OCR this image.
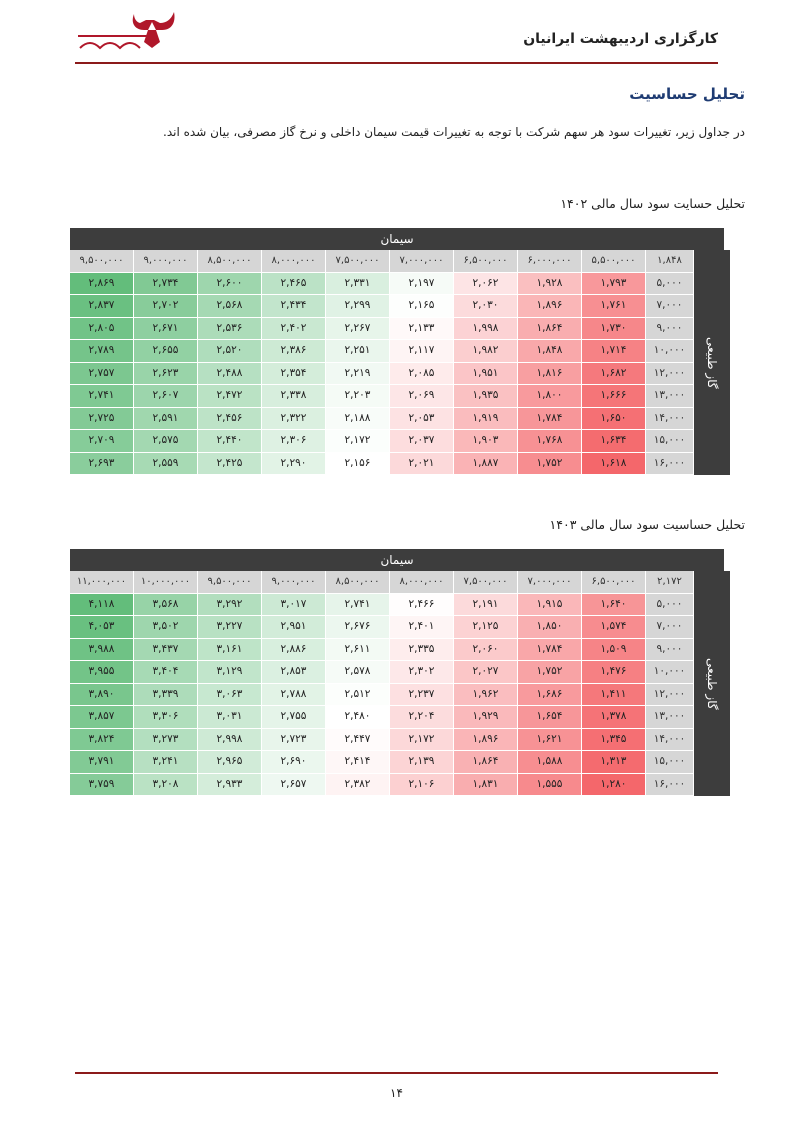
کارگزاری اردیبهشت ایرانیان
تحلیل حساسیت
در جداول زیر، تغییرات سود هر سهم شرکت با توجه به تغییرات قیمت سیمان داخلی و نرخ گاز مصرفی، بیان شده اند.
تحلیل حسایت سود سال مالی ۱۴۰۲
سیمان
۹,۵۰۰,۰۰۰	۹,۰۰۰,۰۰۰	۸,۵۰۰,۰۰۰	۸,۰۰۰,۰۰۰	۷,۵۰۰,۰۰۰	۷,۰۰۰,۰۰۰	۶,۵۰۰,۰۰۰	۶,۰۰۰,۰۰۰	۵,۵۰۰,۰۰۰	۱,۸۴۸
۲,۸۶۹	۲,۷۳۴	۲,۶۰۰	۲,۴۶۵	۲,۳۳۱	۲,۱۹۷	۲,۰۶۲	۱,۹۲۸	۱,۷۹۳	۵,۰۰۰
۲,۸۳۷	۲,۷۰۲	۲,۵۶۸	۲,۴۳۴	۲,۲۹۹	۲,۱۶۵	۲,۰۳۰	۱,۸۹۶	۱,۷۶۱	۷,۰۰۰
۲,۸۰۵	۲,۶۷۱	۲,۵۳۶	۲,۴۰۲	۲,۲۶۷	۲,۱۳۳	۱,۹۹۸	۱,۸۶۴	۱,۷۳۰	۹,۰۰۰
۲,۷۸۹	۲,۶۵۵	۲,۵۲۰	۲,۳۸۶	۲,۲۵۱	۲,۱۱۷	۱,۹۸۲	۱,۸۴۸	۱,۷۱۴	۱۰,۰۰۰
۲,۷۵۷	۲,۶۲۳	۲,۴۸۸	۲,۳۵۴	۲,۲۱۹	۲,۰۸۵	۱,۹۵۱	۱,۸۱۶	۱,۶۸۲	۱۲,۰۰۰
۲,۷۴۱	۲,۶۰۷	۲,۴۷۲	۲,۳۳۸	۲,۲۰۳	۲,۰۶۹	۱,۹۳۵	۱,۸۰۰	۱,۶۶۶	۱۳,۰۰۰
۲,۷۲۵	۲,۵۹۱	۲,۴۵۶	۲,۳۲۲	۲,۱۸۸	۲,۰۵۳	۱,۹۱۹	۱,۷۸۴	۱,۶۵۰	۱۴,۰۰۰
۲,۷۰۹	۲,۵۷۵	۲,۴۴۰	۲,۳۰۶	۲,۱۷۲	۲,۰۳۷	۱,۹۰۳	۱,۷۶۸	۱,۶۳۴	۱۵,۰۰۰
۲,۶۹۳	۲,۵۵۹	۲,۴۲۵	۲,۲۹۰	۲,۱۵۶	۲,۰۲۱	۱,۸۸۷	۱,۷۵۲	۱,۶۱۸	۱۶,۰۰۰
گاز طبیعی
تحلیل حساسیت سود سال مالی ۱۴۰۳
سیمان
۱۱,۰۰۰,۰۰۰	۱۰,۰۰۰,۰۰۰	۹,۵۰۰,۰۰۰	۹,۰۰۰,۰۰۰	۸,۵۰۰,۰۰۰	۸,۰۰۰,۰۰۰	۷,۵۰۰,۰۰۰	۷,۰۰۰,۰۰۰	۶,۵۰۰,۰۰۰	۲,۱۷۲
۴,۱۱۸	۳,۵۶۸	۳,۲۹۲	۳,۰۱۷	۲,۷۴۱	۲,۴۶۶	۲,۱۹۱	۱,۹۱۵	۱,۶۴۰	۵,۰۰۰
۴,۰۵۳	۳,۵۰۲	۳,۲۲۷	۲,۹۵۱	۲,۶۷۶	۲,۴۰۱	۲,۱۲۵	۱,۸۵۰	۱,۵۷۴	۷,۰۰۰
۳,۹۸۸	۳,۴۳۷	۳,۱۶۱	۲,۸۸۶	۲,۶۱۱	۲,۳۳۵	۲,۰۶۰	۱,۷۸۴	۱,۵۰۹	۹,۰۰۰
۳,۹۵۵	۳,۴۰۴	۳,۱۲۹	۲,۸۵۳	۲,۵۷۸	۲,۳۰۲	۲,۰۲۷	۱,۷۵۲	۱,۴۷۶	۱۰,۰۰۰
۳,۸۹۰	۳,۳۳۹	۳,۰۶۳	۲,۷۸۸	۲,۵۱۲	۲,۲۳۷	۱,۹۶۲	۱,۶۸۶	۱,۴۱۱	۱۲,۰۰۰
۳,۸۵۷	۳,۳۰۶	۳,۰۳۱	۲,۷۵۵	۲,۴۸۰	۲,۲۰۴	۱,۹۲۹	۱,۶۵۴	۱,۳۷۸	۱۳,۰۰۰
۳,۸۲۴	۳,۲۷۳	۲,۹۹۸	۲,۷۲۳	۲,۴۴۷	۲,۱۷۲	۱,۸۹۶	۱,۶۲۱	۱,۳۴۵	۱۴,۰۰۰
۳,۷۹۱	۳,۲۴۱	۲,۹۶۵	۲,۶۹۰	۲,۴۱۴	۲,۱۳۹	۱,۸۶۴	۱,۵۸۸	۱,۳۱۳	۱۵,۰۰۰
۳,۷۵۹	۳,۲۰۸	۲,۹۳۳	۲,۶۵۷	۲,۳۸۲	۲,۱۰۶	۱,۸۳۱	۱,۵۵۵	۱,۲۸۰	۱۶,۰۰۰
گاز طبیعی
۱۴
